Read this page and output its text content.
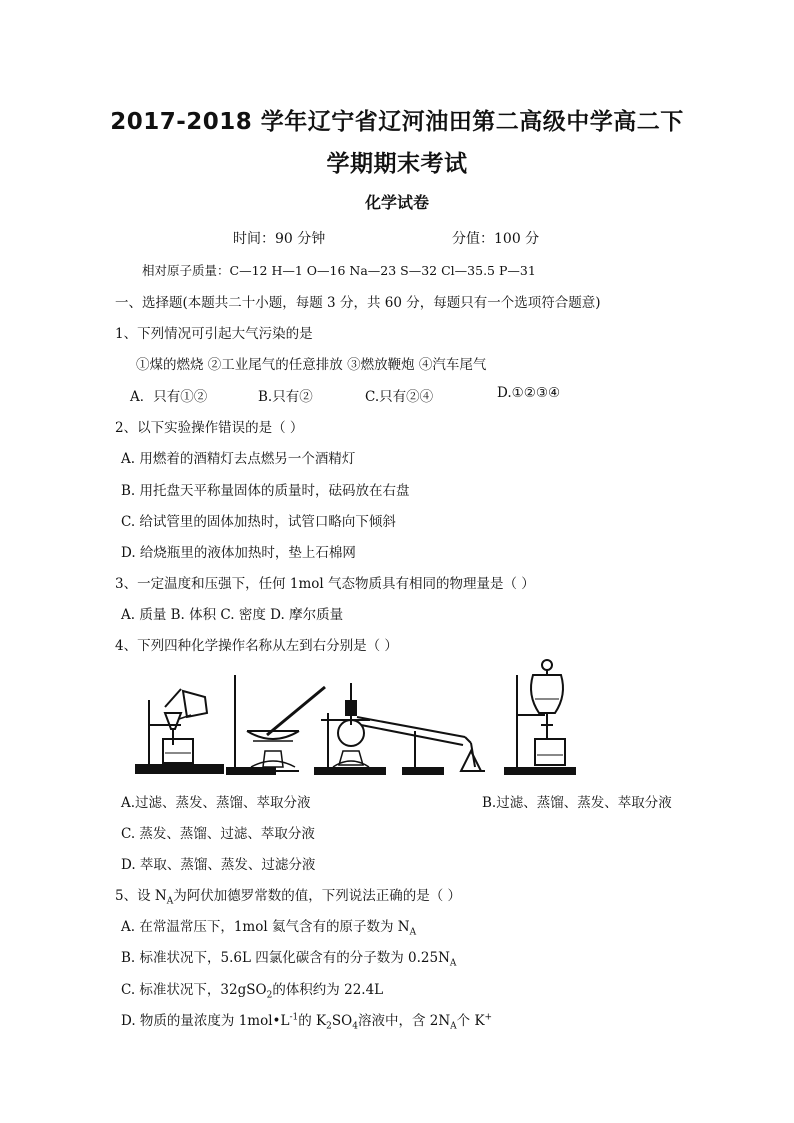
2017-2018 学年辽宁省辽河油田第二高级中学高二下
学期期末考试
化学试卷
时间：90 分钟	分值：100 分
相对原子质量：C—12 H—1 O—16 Na—23 S—32 Cl—35.5 P—31
一、选择题(本题共二十小题，每题 3 分，共 60 分，每题只有一个选项符合题意)
1、下列情况可引起大气污染的是
①煤的燃烧 ②工业尾气的任意排放 ③燃放鞭炮 ④汽车尾气
A．只有①②	B.只有②	C.只有②④	D.①②③④
2、以下实验操作错误的是（ ）
A. 用燃着的酒精灯去点燃另一个酒精灯
B. 用托盘天平称量固体的质量时，砝码放在右盘
C. 给试管里的固体加热时，试管口略向下倾斜
D. 给烧瓶里的液体加热时，垫上石棉网
3、一定温度和压强下，任何 1mol 气态物质具有相同的物理量是（ ）
A. 质量 B. 体积 C. 密度 D. 摩尔质量
4、下列四种化学操作名称从左到右分别是（ ）
A.过滤、蒸发、蒸馏、萃取分液	B.过滤、蒸馏、蒸发、萃取分液
C. 蒸发、蒸馏、过滤、萃取分液
D. 萃取、蒸馏、蒸发、过滤分液
5、设 $N_A$为阿伏加德罗常数的值，下列说法正确的是（ ）
A. 在常温常压下，1mol 氦气含有的原子数为 $N_A$
B. 标准状况下，5.6L 四氯化碳含有的分子数为 $0.25N_A$
C. 标准状况下，32gSO$_2$的体积约为 22.4L
D. 物质的量浓度为 $1mol•L^{-1}$的 $K_2SO_4$溶液中，含 $2N_A$个 K+
